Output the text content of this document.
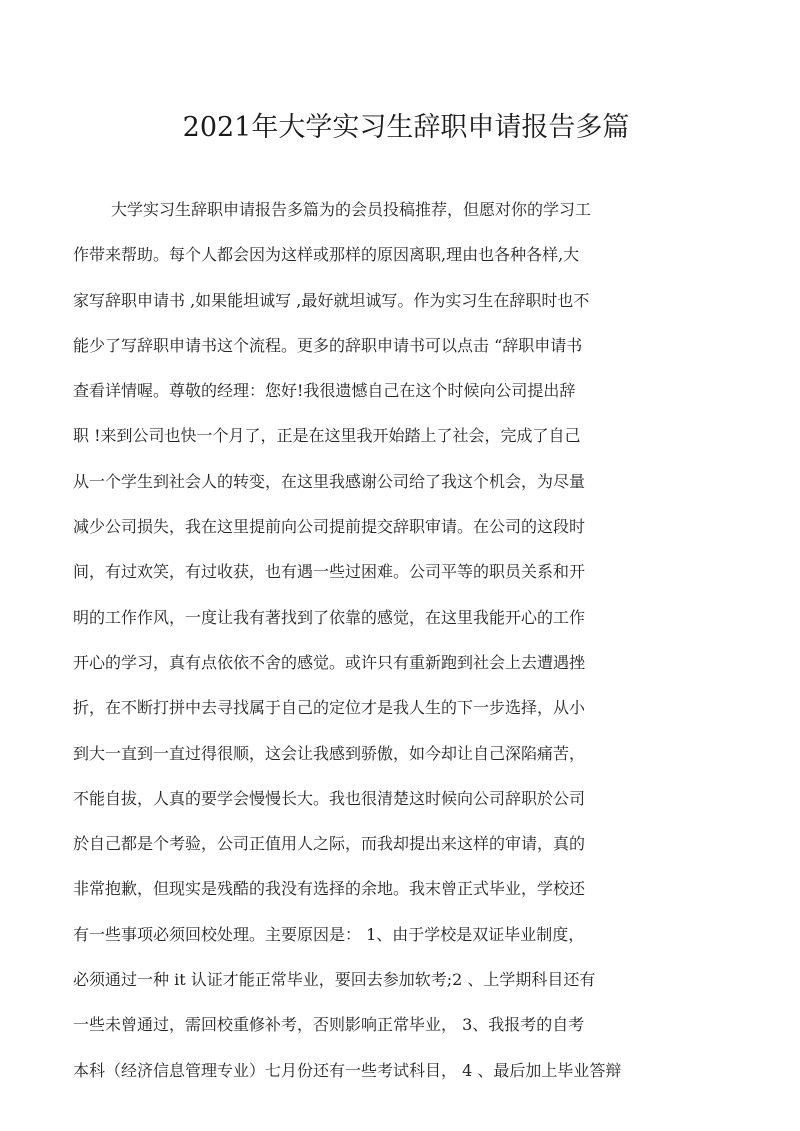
2021年大学实习生辞职申请报告多篇
大学实习生辞职申请报告多篇为的会员投稿推荐，但愿对你的学习工
作带来帮助。每个人都会因为这样或那样的原因离职,理由也各种各样,大
家写辞职申请书 ,如果能坦诚写 ,最好就坦诚写。作为实习生在辞职时也不
能少了写辞职申请书这个流程。更多的辞职申请书可以点击 “辞职申请书
查看详情喔。尊敬的经理：您好!我很遗憾自己在这个时候向公司提出辞
职 !来到公司也快一个月了，正是在这里我开始踏上了社会，完成了自己
从一个学生到社会人的转变，在这里我感谢公司给了我这个机会，为尽量
减少公司损失，我在这里提前向公司提前提交辞职审请。在公司的这段时
间，有过欢笑，有过收获，也有遇一些过困难。公司平等的职员关系和开
明的工作作风，一度让我有著找到了依靠的感觉，在这里我能开心的工作
开心的学习，真有点依依不舍的感觉。或许只有重新跑到社会上去遭遇挫
折，在不断打拼中去寻找属于自己的定位才是我人生的下一步选择，从小
到大一直到一直过得很顺，这会让我感到骄傲，如今却让自己深陷痛苦，
不能自拔，人真的要学会慢慢长大。我也很清楚这时候向公司辞职於公司
於自己都是个考验，公司正值用人之际，而我却提出来这样的审请，真的
非常抱歉，但现实是残酷的我没有选择的余地。我末曾正式毕业，学校还
有一些事项必须回校处理。主要原因是： 1、由于学校是双证毕业制度，
必须通过一种 it 认证才能正常毕业，要回去参加软考;2 、上学期科目还有
一些未曾通过，需回校重修补考，否则影响正常毕业， 3、我报考的自考
本科（经济信息管理专业）七月份还有一些考试科目， 4 、最后加上毕业答辩
